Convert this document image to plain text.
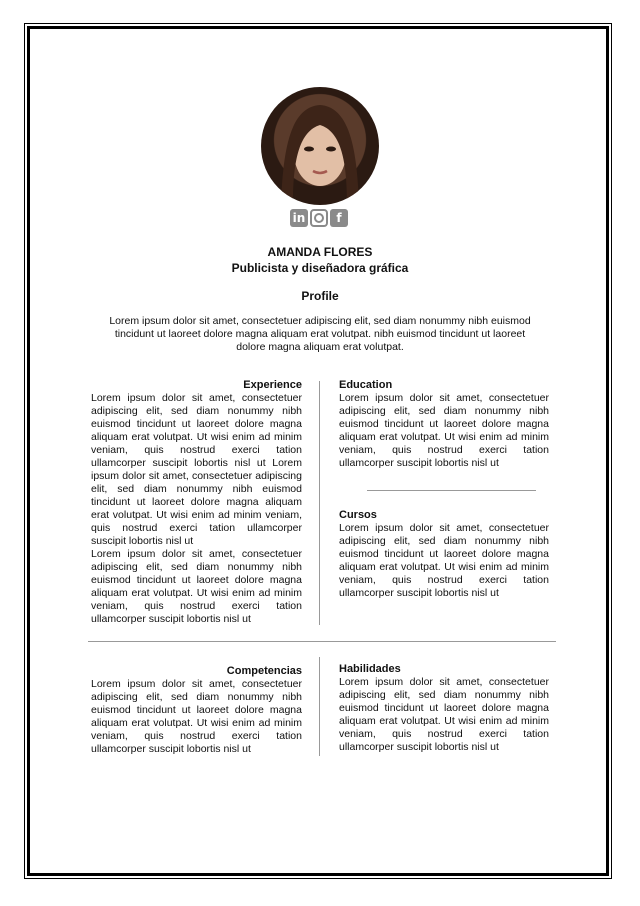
in	f
AMANDA FLORES
Publicista y diseñadora gráfica
Profile
Lorem ipsum dolor sit amet, consectetuer adipiscing elit, sed diam nonummy nibh euismod tincidunt ut laoreet dolore magna aliquam erat volutpat. nibh euismod tincidunt ut laoreet dolore magna aliquam erat volutpat.
Experience

Lorem ipsum dolor sit amet, consectetuer adipiscing elit, sed diam nonummy nibh euismod tincidunt ut laoreet dolore magna aliquam erat volutpat. Ut wisi enim ad minim veniam, quis nostrud exerci tation ullamcorper suscipit lobortis nisl ut Lorem ipsum dolor sit amet, consectetuer adipiscing elit, sed diam nonummy nibh euismod tincidunt ut laoreet dolore magna aliquam erat volutpat. Ut wisi enim ad minim veniam, quis nostrud exerci tation ullamcorper suscipit lobortis nisl ut

Lorem ipsum dolor sit amet, consectetuer adipiscing elit, sed diam nonummy nibh euismod tincidunt ut laoreet dolore magna aliquam erat volutpat. Ut wisi enim ad minim veniam, quis nostrud exerci tation ullamcorper suscipit lobortis nisl ut

Education

Lorem ipsum dolor sit amet, consectetuer adipiscing elit, sed diam nonummy nibh euismod tincidunt ut laoreet dolore magna aliquam erat volutpat. Ut wisi enim ad minim veniam, quis nostrud exerci tation ullamcorper suscipit lobortis nisl ut

Cursos

Lorem ipsum dolor sit amet, consectetuer adipiscing elit, sed diam nonummy nibh euismod tincidunt ut laoreet dolore magna aliquam erat volutpat. Ut wisi enim ad minim veniam, quis nostrud exerci tation ullamcorper suscipit lobortis nisl ut

Competencias

Lorem ipsum dolor sit amet, consectetuer adipiscing elit, sed diam nonummy nibh euismod tincidunt ut laoreet dolore magna aliquam erat volutpat. Ut wisi enim ad minim veniam, quis nostrud exerci tation ullamcorper suscipit lobortis nisl ut

Habilidades

Lorem ipsum dolor sit amet, consectetuer adipiscing elit, sed diam nonummy nibh euismod tincidunt ut laoreet dolore magna aliquam erat volutpat. Ut wisi enim ad minim veniam, quis nostrud exerci tation ullamcorper suscipit lobortis nisl ut
